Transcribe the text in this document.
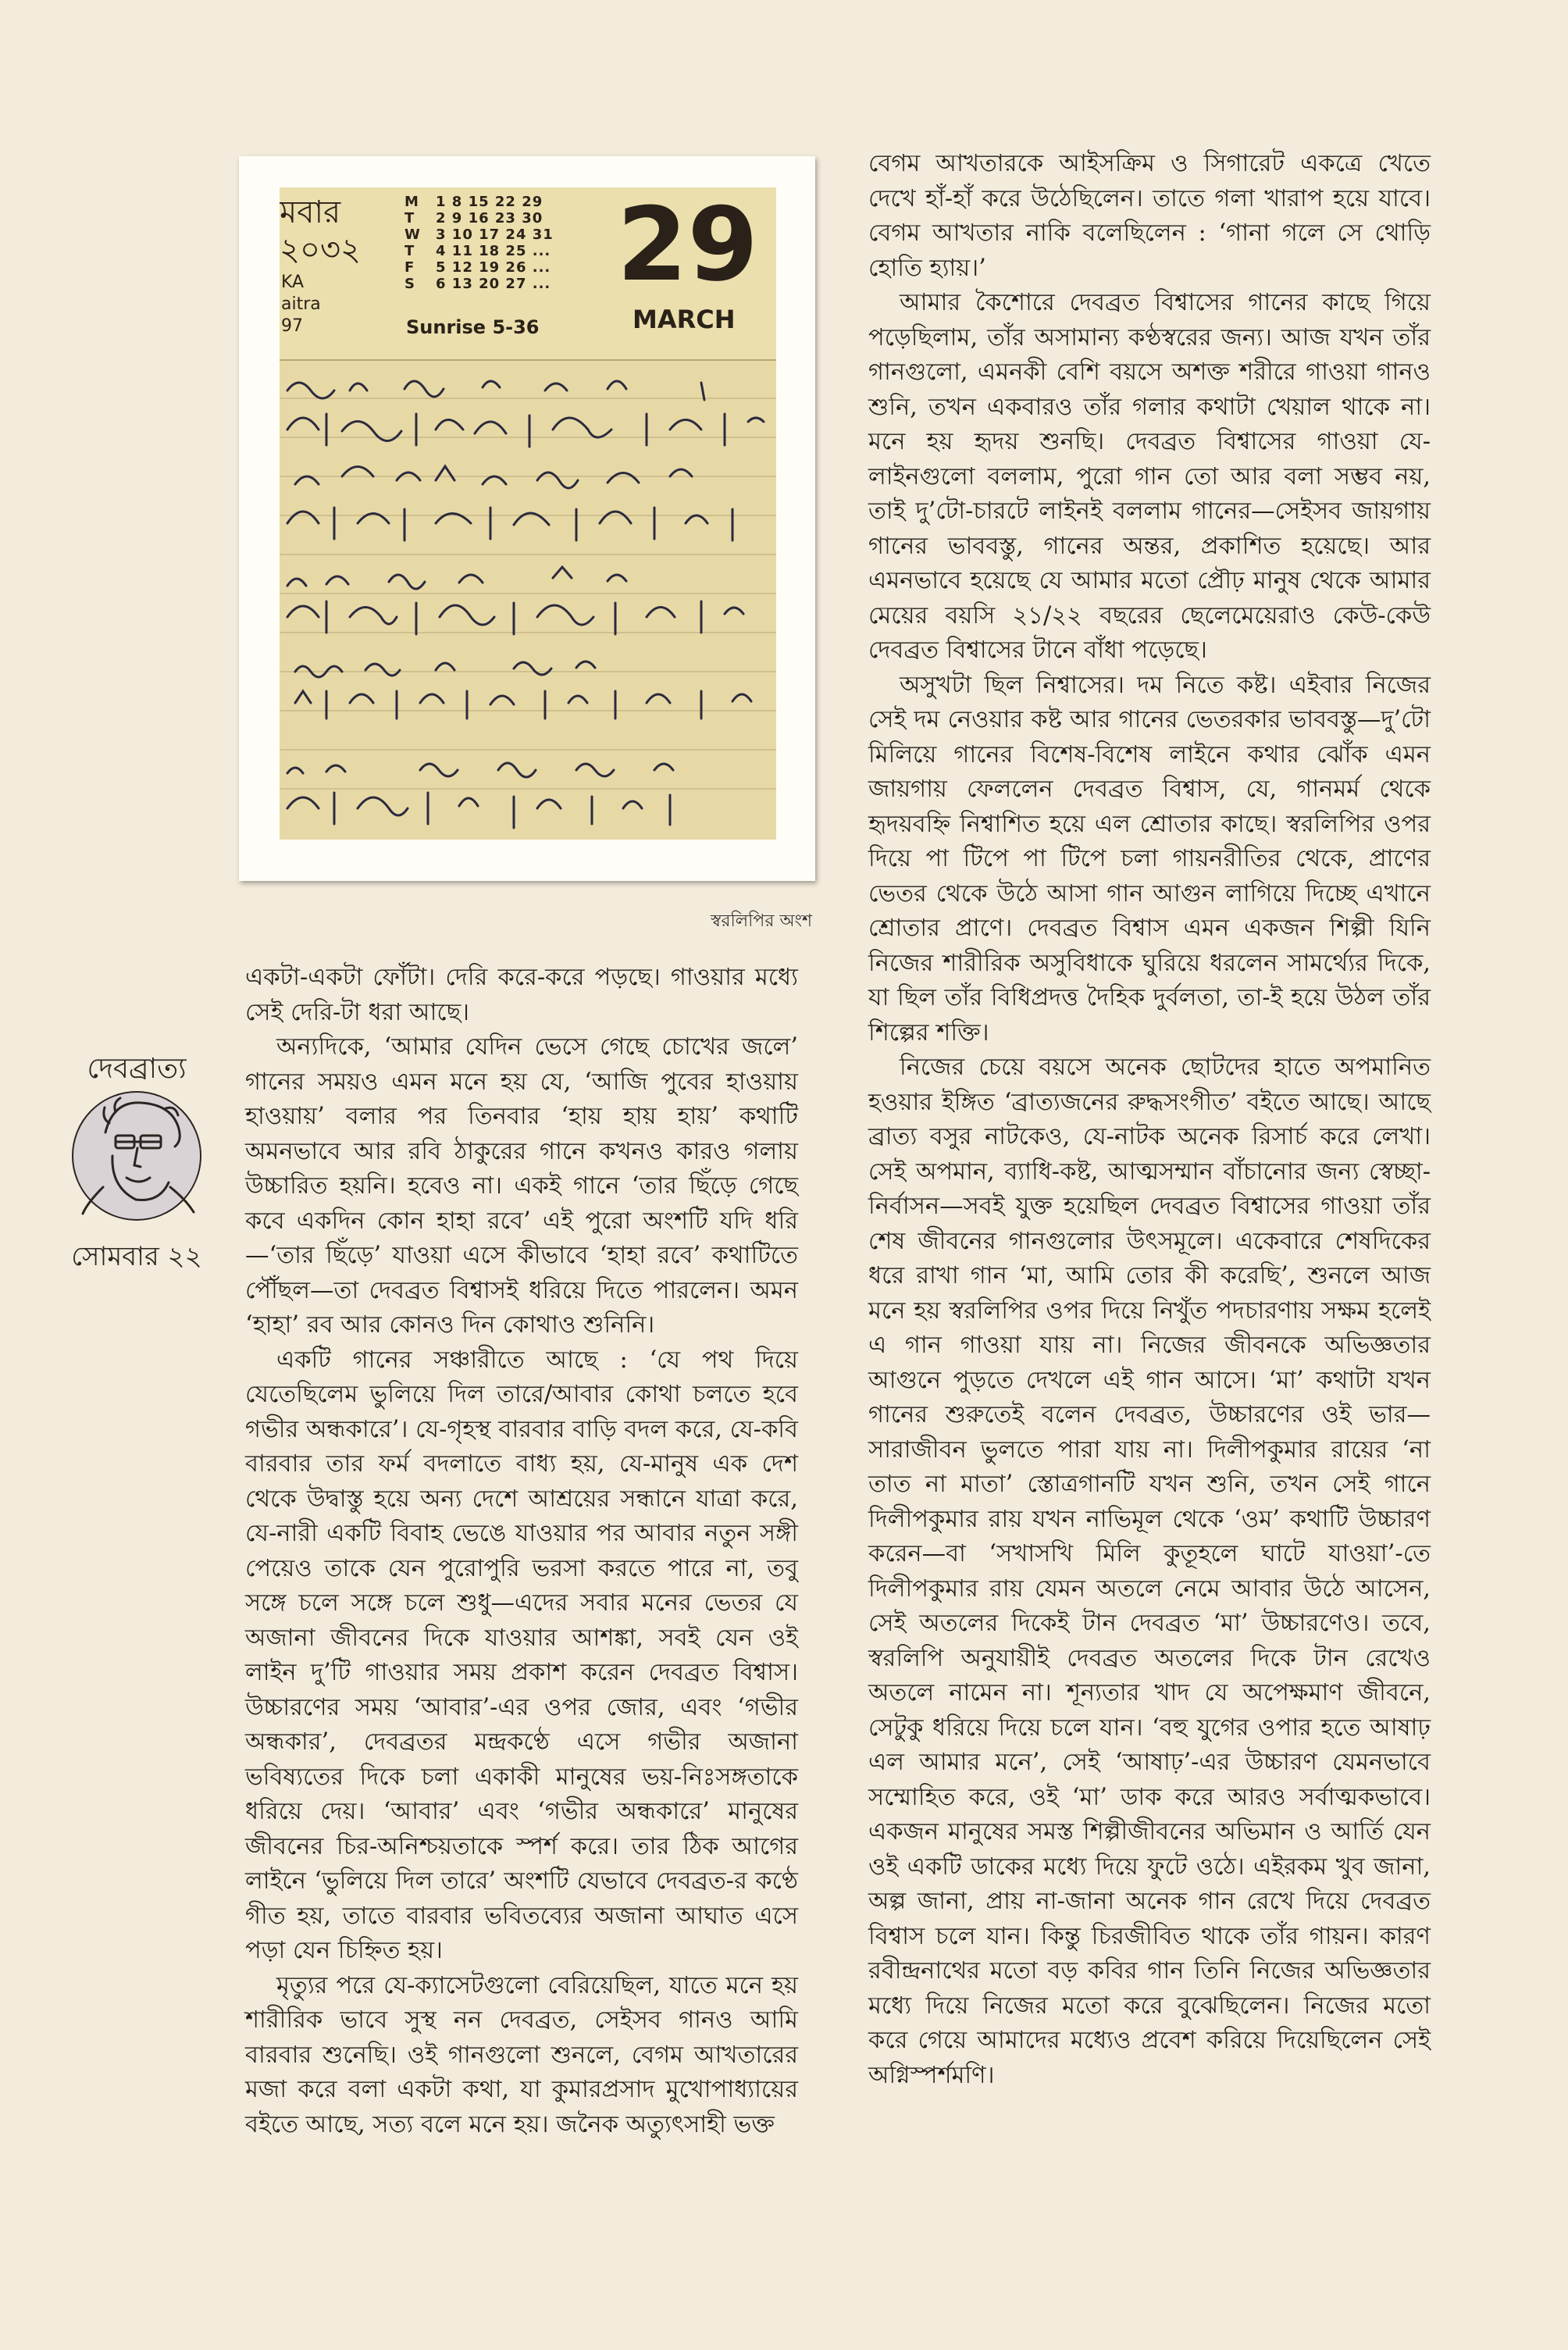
মবার
২০৩২
KA
aitra
97
M
T
W
T
F
S
1 8 15 22 29
2 9 16 23 30
3 10 17 24 31
4 11 18 25 ...
5 12 19 26 ...
6 13 20 27 ...
Sunrise 5-36
29
MARCH
স্বরলিপির অংশ
দেবব্রাত্য
সোমবার ২২

একটা-একটা ফোঁটা। দেরি করে-করে পড়ছে। গাওয়ার মধ্যে সেই দেরি-টা ধরা আছে।

অন্যদিকে, ‘আমার যেদিন ভেসে গেছে চোখের জলে’ গানের সময়ও এমন মনে হয় যে, ‘আজি পুবের হাওয়ায় হাওয়ায়’ বলার পর তিনবার ‘হায় হায় হায়’ কথাটি অমনভাবে আর রবি ঠাকুরের গানে কখনও কারও গলায় উচ্চারিত হয়নি। হবেও না। একই গানে ‘তার ছিঁড়ে গেছে কবে একদিন কোন হাহা রবে’ এই পুরো অংশটি যদি ধরি—‘তার ছিঁড়ে’ যাওয়া এসে কীভাবে ‘হাহা রবে’ কথাটিতে পৌঁছল—তা দেবব্রত বিশ্বাসই ধরিয়ে দিতে পারলেন। অমন ‘হাহা’ রব আর কোনও দিন কোথাও শুনিনি।

একটি গানের সঞ্চারীতে আছে : ‘যে পথ দিয়ে যেতেছিলেম ভুলিয়ে দিল তারে/আবার কোথা চলতে হবে গভীর অন্ধকারে’। যে-গৃহস্থ বারবার বাড়ি বদল করে, যে-কবি বারবার তার ফর্ম বদলাতে বাধ্য হয়, যে-মানুষ এক দেশ থেকে উদ্বাস্তু হয়ে অন্য দেশে আশ্রয়ের সন্ধানে যাত্রা করে, যে-নারী একটি বিবাহ ভেঙে যাওয়ার পর আবার নতুন সঙ্গী পেয়েও তাকে যেন পুরোপুরি ভরসা করতে পারে না, তবু সঙ্গে চলে সঙ্গে চলে শুধু—এদের সবার মনের ভেতর যে অজানা জীবনের দিকে যাওয়ার আশঙ্কা, সবই যেন ওই লাইন দু’টি গাওয়ার সময় প্রকাশ করেন দেবব্রত বিশ্বাস। উচ্চারণের সময় ‘আবার’-এর ওপর জোর, এবং ‘গভীর অন্ধকার’, দেবব্রতর মন্দ্রকণ্ঠে এসে গভীর অজানা ভবিষ্যতের দিকে চলা একাকী মানুষের ভয়-নিঃসঙ্গতাকে ধরিয়ে দেয়। ‘আবার’ এবং ‘গভীর অন্ধকারে’ মানুষের জীবনের চির-অনিশ্চয়তাকে স্পর্শ করে। তার ঠিক আগের লাইনে ‘ভুলিয়ে দিল তারে’ অংশটি যেভাবে দেবব্রত-র কণ্ঠে গীত হয়, তাতে বারবার ভবিতব্যের অজানা আঘাত এসে পড়া যেন চিহ্নিত হয়।

মৃত্যুর পরে যে-ক্যাসেটগুলো বেরিয়েছিল, যাতে মনে হয় শারীরিক ভাবে সুস্থ নন দেবব্রত, সেইসব গানও আমি বারবার শুনেছি। ওই গানগুলো শুনলে, বেগম আখতারের মজা করে বলা একটা কথা, যা কুমারপ্রসাদ মুখোপাধ্যায়ের বইতে আছে, সত্য বলে মনে হয়। জনৈক অত্যুৎসাহী ভক্ত

বেগম আখতারকে আইসক্রিম ও সিগারেট একত্রে খেতে দেখে হাঁ-হাঁ করে উঠেছিলেন। তাতে গলা খারাপ হয়ে যাবে। বেগম আখতার নাকি বলেছিলেন : ‘গানা গলে সে থোড়ি হোতি হ্যায়।’

আমার কৈশোরে দেবব্রত বিশ্বাসের গানের কাছে গিয়ে পড়েছিলাম, তাঁর অসামান্য কণ্ঠস্বরের জন্য। আজ যখন তাঁর গানগুলো, এমনকী বেশি বয়সে অশক্ত শরীরে গাওয়া গানও শুনি, তখন একবারও তাঁর গলার কথাটা খেয়াল থাকে না। মনে হয় হৃদয় শুনছি। দেবব্রত বিশ্বাসের গাওয়া যে-লাইনগুলো বললাম, পুরো গান তো আর বলা সম্ভব নয়, তাই দু’টো-চারটে লাইনই বললাম গানের—সেইসব জায়গায় গানের ভাববস্তু, গানের অন্তর, প্রকাশিত হয়েছে। আর এমনভাবে হয়েছে যে আমার মতো প্রৌঢ় মানুষ থেকে আমার মেয়ের বয়সি ২১/২২ বছরের ছেলেমেয়েরাও কেউ-কেউ দেবব্রত বিশ্বাসের টানে বাঁধা পড়েছে।

অসুখটা ছিল নিশ্বাসের। দম নিতে কষ্ট। এইবার নিজের সেই দম নেওয়ার কষ্ট আর গানের ভেতরকার ভাববস্তু—দু’টো মিলিয়ে গানের বিশেষ-বিশেষ লাইনে কথার ঝোঁক এমন জায়গায় ফেললেন দেবব্রত বিশ্বাস, যে, গানমর্ম থেকে হৃদয়বহ্নি নিশ্বাশিত হয়ে এল শ্রোতার কাছে। স্বরলিপির ওপর দিয়ে পা টিপে পা টিপে চলা গায়নরীতির থেকে, প্রাণের ভেতর থেকে উঠে আসা গান আগুন লাগিয়ে দিচ্ছে এখানে শ্রোতার প্রাণে। দেবব্রত বিশ্বাস এমন একজন শিল্পী যিনি নিজের শারীরিক অসুবিধাকে ঘুরিয়ে ধরলেন সামর্থ্যের দিকে, যা ছিল তাঁর বিধিপ্রদত্ত দৈহিক দুর্বলতা, তা-ই হয়ে উঠল তাঁর শিল্পের শক্তি।

নিজের চেয়ে বয়সে অনেক ছোটদের হাতে অপমানিত হওয়ার ইঙ্গিত ‘ব্রাত্যজনের রুদ্ধসংগীত’ বইতে আছে। আছে ব্রাত্য বসুর নাটকেও, যে-নাটক অনেক রিসার্চ করে লেখা। সেই অপমান, ব্যাধি-কষ্ট, আত্মসম্মান বাঁচানোর জন্য স্বেচ্ছা-নির্বাসন—সবই যুক্ত হয়েছিল দেবব্রত বিশ্বাসের গাওয়া তাঁর শেষ জীবনের গানগুলোর উৎসমূলে। একেবারে শেষদিকের ধরে রাখা গান ‘মা, আমি তোর কী করেছি’, শুনলে আজ মনে হয় স্বরলিপির ওপর দিয়ে নিখুঁত পদচারণায় সক্ষম হলেই এ গান গাওয়া যায় না। নিজের জীবনকে অভিজ্ঞতার আগুনে পুড়তে দেখলে এই গান আসে। ‘মা’ কথাটা যখন গানের শুরুতেই বলেন দেবব্রত, উচ্চারণের ওই ভার—সারাজীবন ভুলতে পারা যায় না। দিলীপকুমার রায়ের ‘না তাত না মাতা’ স্তোত্রগানটি যখন শুনি, তখন সেই গানে দিলীপকুমার রায় যখন নাভিমূল থেকে ‘ওম’ কথাটি উচ্চারণ করেন—বা ‘সখাসখি মিলি কুতূহলে ঘাটে যাওয়া’-তে দিলীপকুমার রায় যেমন অতলে নেমে আবার উঠে আসেন, সেই অতলের দিকেই টান দেবব্রত ‘মা’ উচ্চারণেও। তবে, স্বরলিপি অনুযায়ীই দেবব্রত অতলের দিকে টান রেখেও অতলে নামেন না। শূন্যতার খাদ যে অপেক্ষমাণ জীবনে, সেটুকু ধরিয়ে দিয়ে চলে যান। ‘বহু যুগের ওপার হতে আষাঢ় এল আমার মনে’, সেই ‘আষাঢ়’-এর উচ্চারণ যেমনভাবে সম্মোহিত করে, ওই ‘মা’ ডাক করে আরও সর্বাত্মকভাবে। একজন মানুষের সমস্ত শিল্পীজীবনের অভিমান ও আর্তি যেন ওই একটি ডাকের মধ্যে দিয়ে ফুটে ওঠে। এইরকম খুব জানা, অল্প জানা, প্রায় না-জানা অনেক গান রেখে দিয়ে দেবব্রত বিশ্বাস চলে যান। কিন্তু চিরজীবিত থাকে তাঁর গায়ন। কারণ রবীন্দ্রনাথের মতো বড় কবির গান তিনি নিজের অভিজ্ঞতার মধ্যে দিয়ে নিজের মতো করে বুঝেছিলেন। নিজের মতো করে গেয়ে আমাদের মধ্যেও প্রবেশ করিয়ে দিয়েছিলেন সেই অগ্নিস্পর্শমণি।
